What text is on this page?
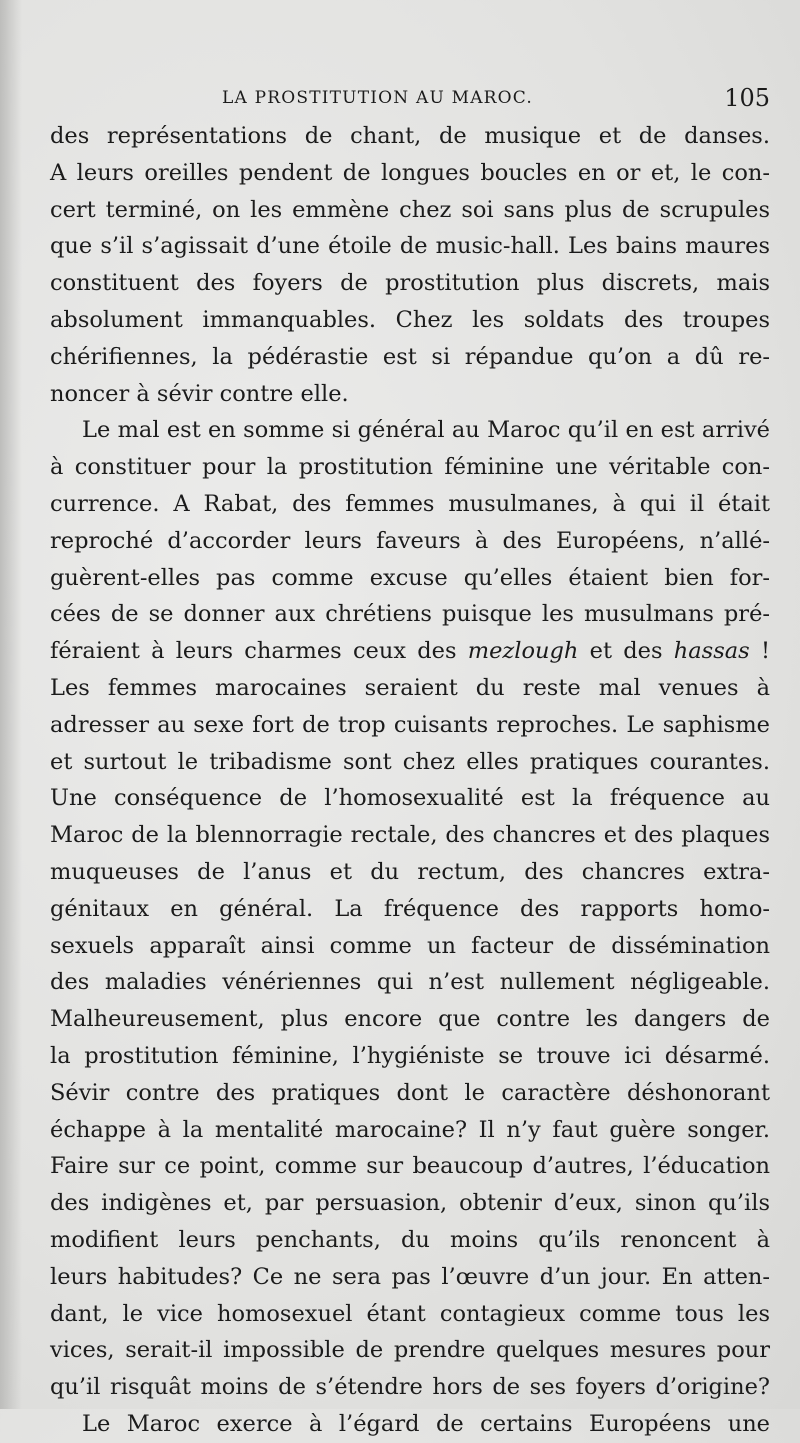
LA PROSTITUTION AU MAROC.	105
des représentations de chant, de musique et de danses.
A leurs oreilles pendent de longues boucles en or et, le con-
cert terminé, on les emmène chez soi sans plus de scrupules
que s’il s’agissait d’une étoile de music-hall. Les bains maures
constituent des foyers de prostitution plus discrets, mais
absolument immanquables. Chez les soldats des troupes
chérifiennes, la pédérastie est si répandue qu’on a dû re-
noncer à sévir contre elle.
Le mal est en somme si général au Maroc qu’il en est arrivé
à constituer pour la prostitution féminine une véritable con-
currence. A Rabat, des femmes musulmanes, à qui il était
reproché d’accorder leurs faveurs à des Européens, n’allé-
guèrent-elles pas comme excuse qu’elles étaient bien for-
cées de se donner aux chrétiens puisque les musulmans pré-
féraient à leurs charmes ceux des mezlough et des hassas !
Les femmes marocaines seraient du reste mal venues à
adresser au sexe fort de trop cuisants reproches. Le saphisme
et surtout le tribadisme sont chez elles pratiques courantes.
Une conséquence de l’homosexualité est la fréquence au
Maroc de la blennorragie rectale, des chancres et des plaques
muqueuses de l’anus et du rectum, des chancres extra-
génitaux en général. La fréquence des rapports homo-
sexuels apparaît ainsi comme un facteur de dissémination
des maladies vénériennes qui n’est nullement négligeable.
Malheureusement, plus encore que contre les dangers de
la prostitution féminine, l’hygiéniste se trouve ici désarmé.
Sévir contre des pratiques dont le caractère déshonorant
échappe à la mentalité marocaine? Il n’y faut guère songer.
Faire sur ce point, comme sur beaucoup d’autres, l’éducation
des indigènes et, par persuasion, obtenir d’eux, sinon qu’ils
modifient leurs penchants, du moins qu’ils renoncent à
leurs habitudes? Ce ne sera pas l’œuvre d’un jour. En atten-
dant, le vice homosexuel étant contagieux comme tous les
vices, serait-il impossible de prendre quelques mesures pour
qu’il risquât moins de s’étendre hors de ses foyers d’origine?
Le Maroc exerce à l’égard de certains Européens une
